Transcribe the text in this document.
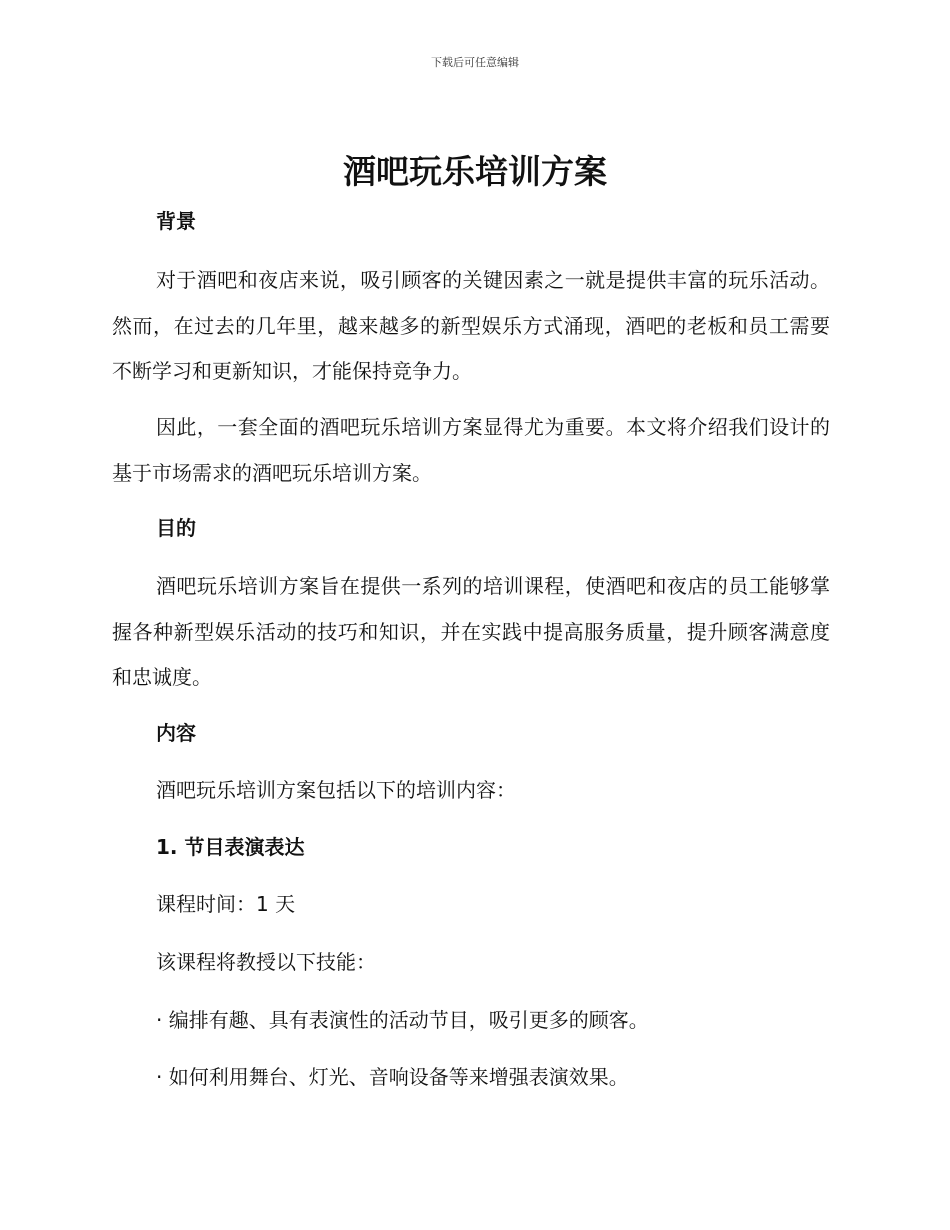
下载后可任意编辑
酒吧玩乐培训方案
背景

对于酒吧和夜店来说，吸引顾客的关键因素之一就是提供丰富的玩乐活动。然而，在过去的几年里，越来越多的新型娱乐方式涌现，酒吧的老板和员工需要不断学习和更新知识，才能保持竞争力。

因此，一套全面的酒吧玩乐培训方案显得尤为重要。本文将介绍我们设计的基于市场需求的酒吧玩乐培训方案。

目的

酒吧玩乐培训方案旨在提供一系列的培训课程，使酒吧和夜店的员工能够掌握各种新型娱乐活动的技巧和知识，并在实践中提高服务质量，提升顾客满意度和忠诚度。

内容

酒吧玩乐培训方案包括以下的培训内容：

1. 节目表演表达

课程时间：1 天

该课程将教授以下技能：

· 编排有趣、具有表演性的活动节目，吸引更多的顾客。

· 如何利用舞台、灯光、音响设备等来增强表演效果。
